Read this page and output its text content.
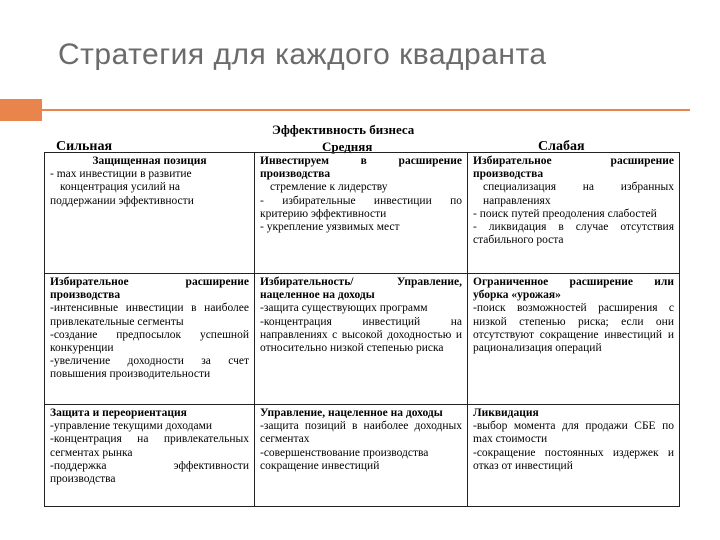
Стратегия для каждого квадранта
Эффективность бизнеса
Сильная	Средняя	Слабая
Защищенная позиция
- max инвестиции в развитие
концентрация усилий на
поддержании эффективности
Инвестируем в расширение производства
стремление к лидерству
- избирательные инвестиции по критерию эффективности
- укрепление уязвимых мест
Избирательное расширение производства
специализация на избранных направлениях
- поиск путей преодоления слабостей
- ликвидация в случае отсутствия стабильного роста
Избирательное расширение производства
-интенсивные инвестиции в наиболее привлекательные сегменты
-создание предпосылок успешной конкуренции
-увеличение доходности за счет повышения производительности
Избирательность/ Управление, нацеленное на доходы
-защита существующих программ
-концентрация инвестиций на направлениях с высокой доходностью и относительно низкой степенью риска
Ограниченное расширение или уборка «урожая»
-поиск возможностей расширения с низкой степенью риска; если они отсутствуют сокращение инвестиций и рационализация операций
Защита и переориентация
-управление текущими доходами
-концентрация на привлекательных сегментах рынка
-поддержка эффективности производства
Управление, нацеленное на доходы
-защита позиций в наиболее доходных сегментах
-совершенствование производства
сокращение инвестиций
Ликвидация
-выбор момента для продажи СБЕ по max стоимости
-сокращение постоянных издержек и отказ от инвестиций
